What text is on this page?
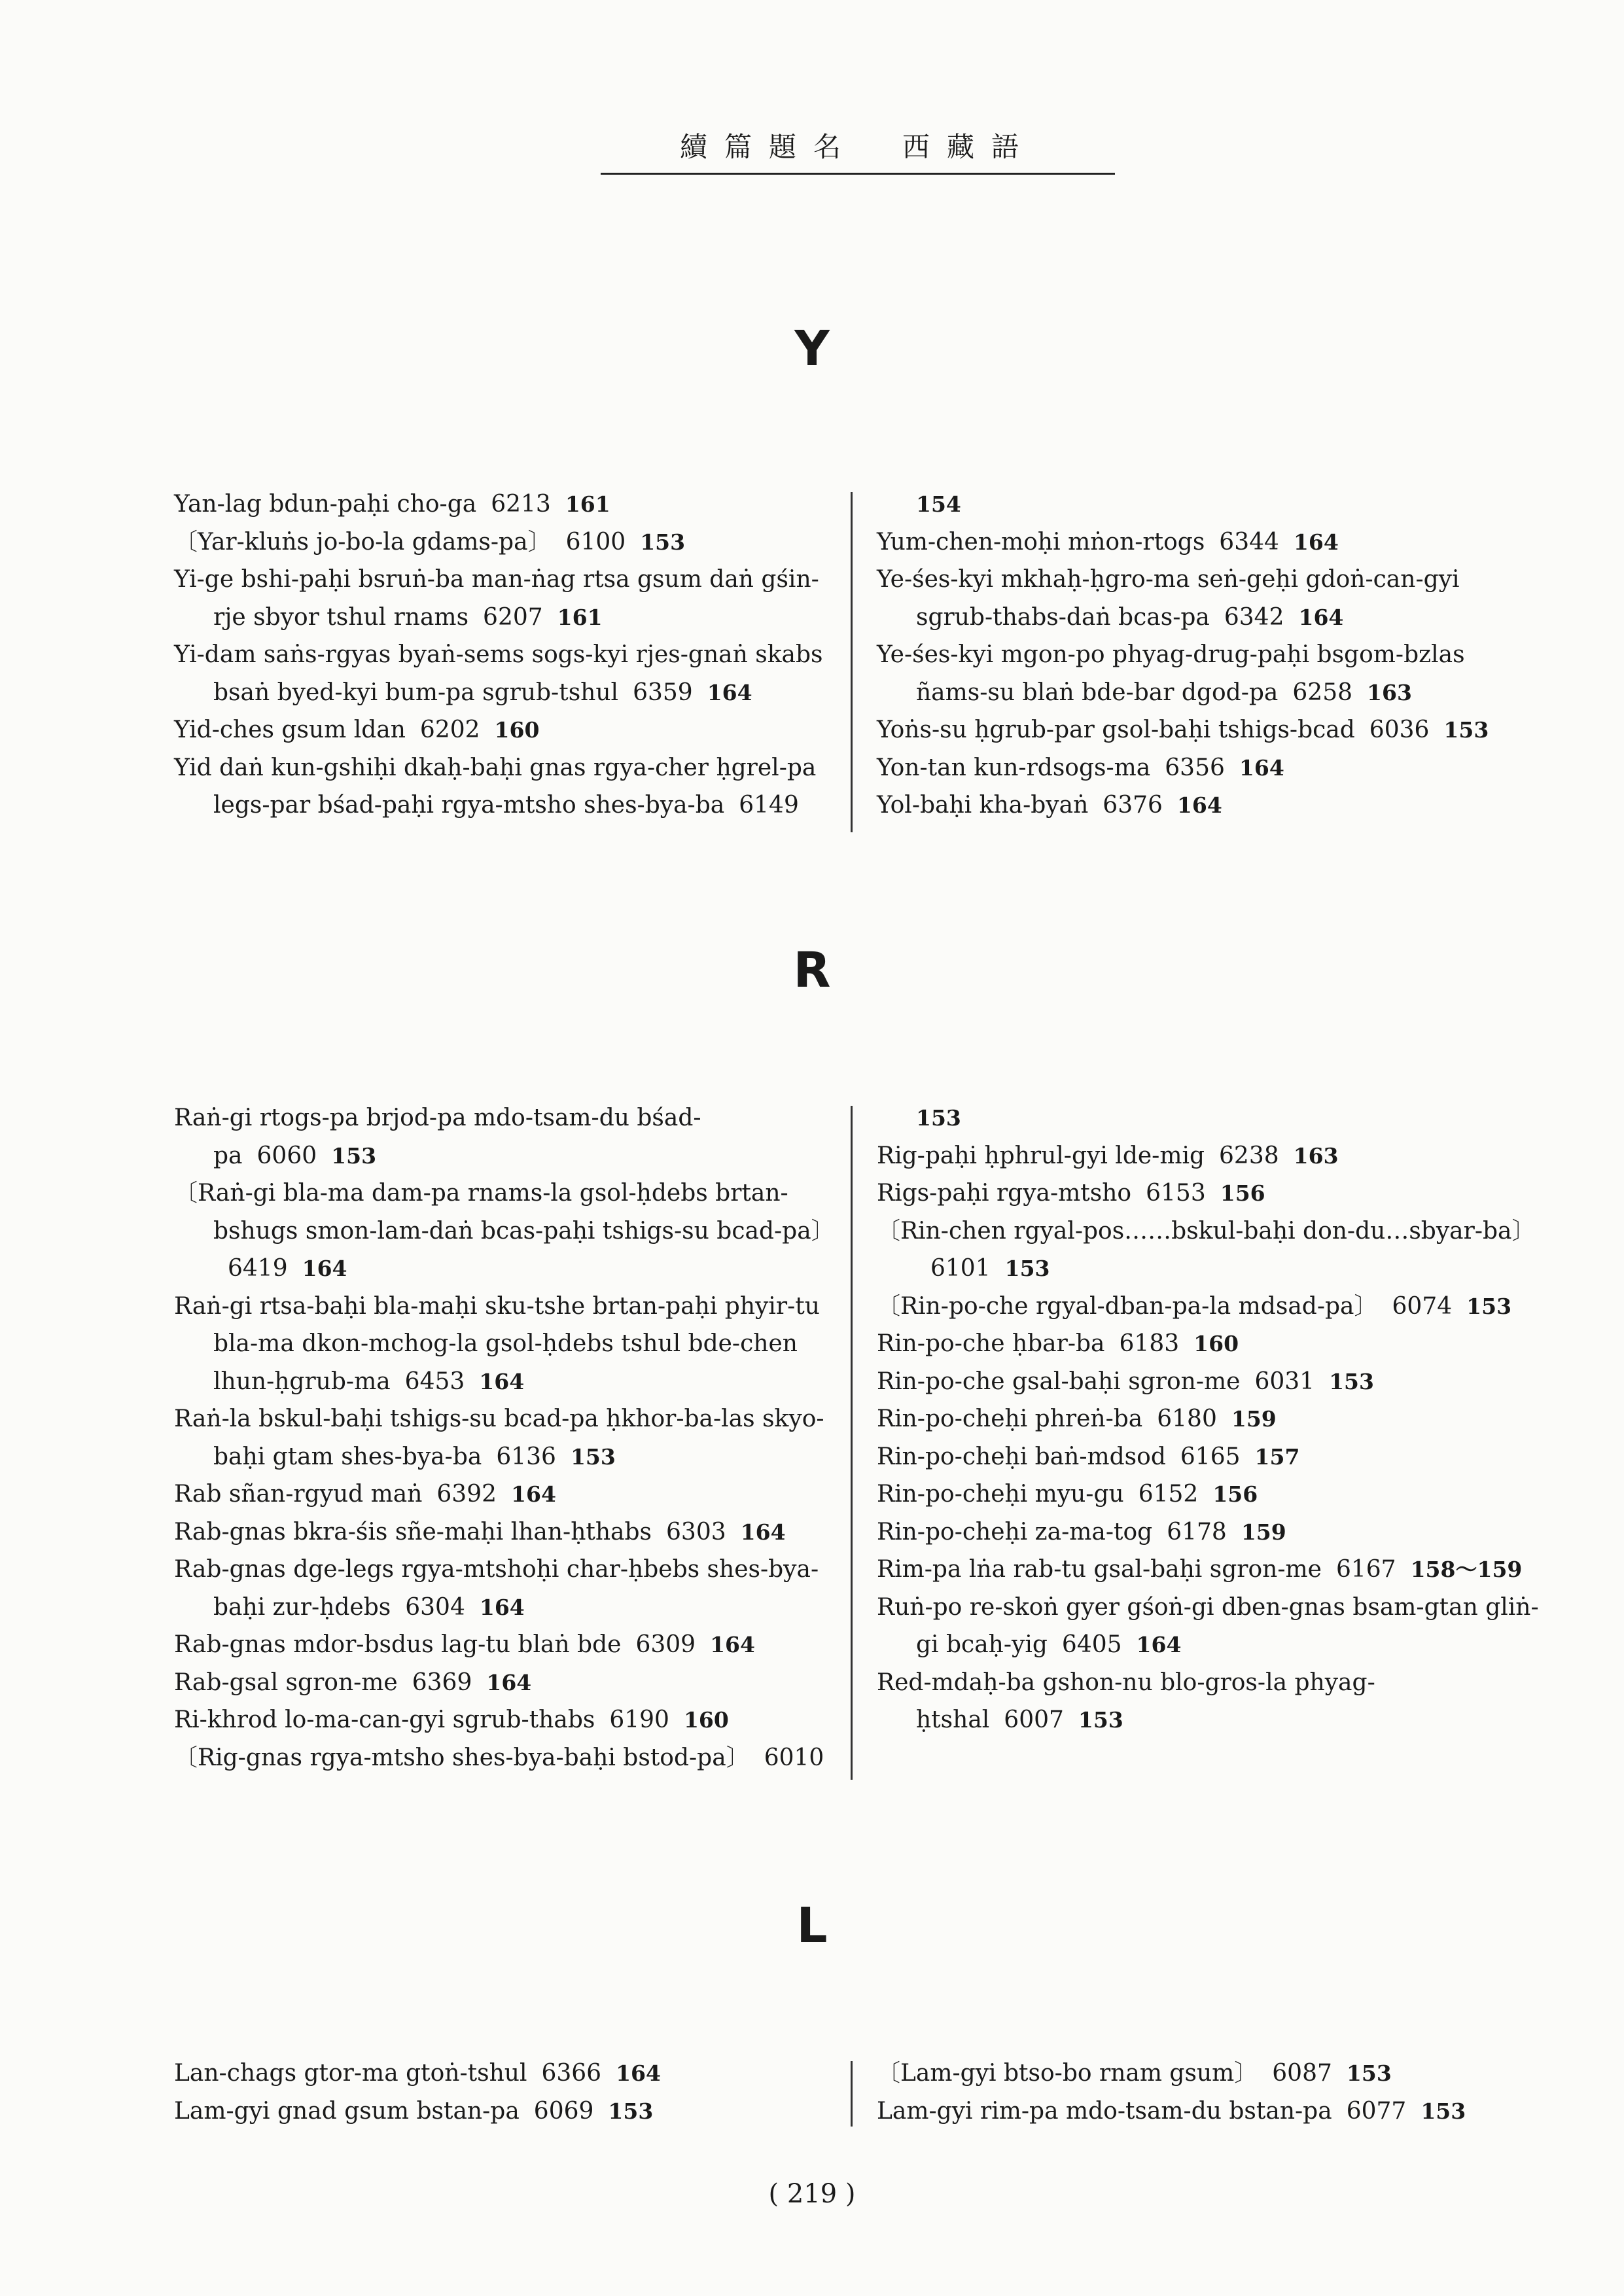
續篇題名　西藏語
Y
Yan-lag bdun-paḥi cho-ga 6213 161
〔Yar-kluṅs jo-bo-la gdams-pa〕 6100 153
Yi-ge bshi-paḥi bsruṅ-ba man-ṅag rtsa gsum daṅ gśin-rje sbyor tshul rnams 6207 161
Yi-dam saṅs-rgyas byaṅ-sems sogs-kyi rjes-gnaṅ skabs bsaṅ byed-kyi bum-pa sgrub-tshul 6359 164
Yid-ches gsum ldan 6202 160
Yid daṅ kun-gshiḥi dkaḥ-baḥi gnas rgya-cher ḥgrel-pa legs-par bśad-paḥi rgya-mtsho shes-bya-ba 6149
154
Yum-chen-moḥi mṅon-rtogs 6344 164
Ye-śes-kyi mkhaḥ-ḥgro-ma seṅ-geḥi gdoṅ-can-gyi sgrub-thabs-daṅ bcas-pa 6342 164
Ye-śes-kyi mgon-po phyag-drug-paḥi bsgom-bzlas ñams-su blaṅ bde-bar dgod-pa 6258 163
Yoṅs-su ḥgrub-par gsol-baḥi tshigs-bcad 6036 153
Yon-tan kun-rdsogs-ma 6356 164
Yol-baḥi kha-byaṅ 6376 164
R
Raṅ-gi rtogs-pa brjod-pa mdo-tsam-du bśad-pa 6060 153
〔Raṅ-gi bla-ma dam-pa rnams-la gsol-ḥdebs brtan-bshugs smon-lam-daṅ bcas-paḥi tshigs-su bcad-pa〕6419 164
Raṅ-gi rtsa-baḥi bla-maḥi sku-tshe brtan-paḥi phyir-tu bla-ma dkon-mchog-la gsol-ḥdebs tshul bde-chen lhun-ḥgrub-ma 6453 164
Raṅ-la bskul-baḥi tshigs-su bcad-pa ḥkhor-ba-las skyo-baḥi gtam shes-bya-ba 6136 153
Rab sñan-rgyud maṅ 6392 164
Rab-gnas bkra-śis sñe-maḥi lhan-ḥthabs 6303 164
Rab-gnas dge-legs rgya-mtshoḥi char-ḥbebs shes-bya-baḥi zur-ḥdebs 6304 164
Rab-gnas mdor-bsdus lag-tu blaṅ bde 6309 164
Rab-gsal sgron-me 6369 164
Ri-khrod lo-ma-can-gyi sgrub-thabs 6190 160
〔Rig-gnas rgya-mtsho shes-bya-baḥi bstod-pa〕 6010
153
Rig-paḥi ḥphrul-gyi lde-mig 6238 163
Rigs-paḥi rgya-mtsho 6153 156
〔Rin-chen rgyal-pos……bskul-baḥi don-du…sbyar-ba〕6101 153
〔Rin-po-che rgyal-dban-pa-la mdsad-pa〕 6074 153
Rin-po-che ḥbar-ba 6183 160
Rin-po-che gsal-baḥi sgron-me 6031 153
Rin-po-cheḥi phreṅ-ba 6180 159
Rin-po-cheḥi baṅ-mdsod 6165 157
Rin-po-cheḥi myu-gu 6152 156
Rin-po-cheḥi za-ma-tog 6178 159
Rim-pa lṅa rab-tu gsal-baḥi sgron-me 6167 158～159
Ruṅ-po re-skoṅ gyer gśoṅ-gi dben-gnas bsam-gtan gliṅ-gi bcaḥ-yig 6405 164
Red-mdaḥ-ba gshon-nu blo-gros-la phyag-ḥtshal 6007 153
L
Lan-chags gtor-ma gtoṅ-tshul 6366 164
Lam-gyi gnad gsum bstan-pa 6069 153
〔Lam-gyi btso-bo rnam gsum〕 6087 153
Lam-gyi rim-pa mdo-tsam-du bstan-pa 6077 153
( 219 )
